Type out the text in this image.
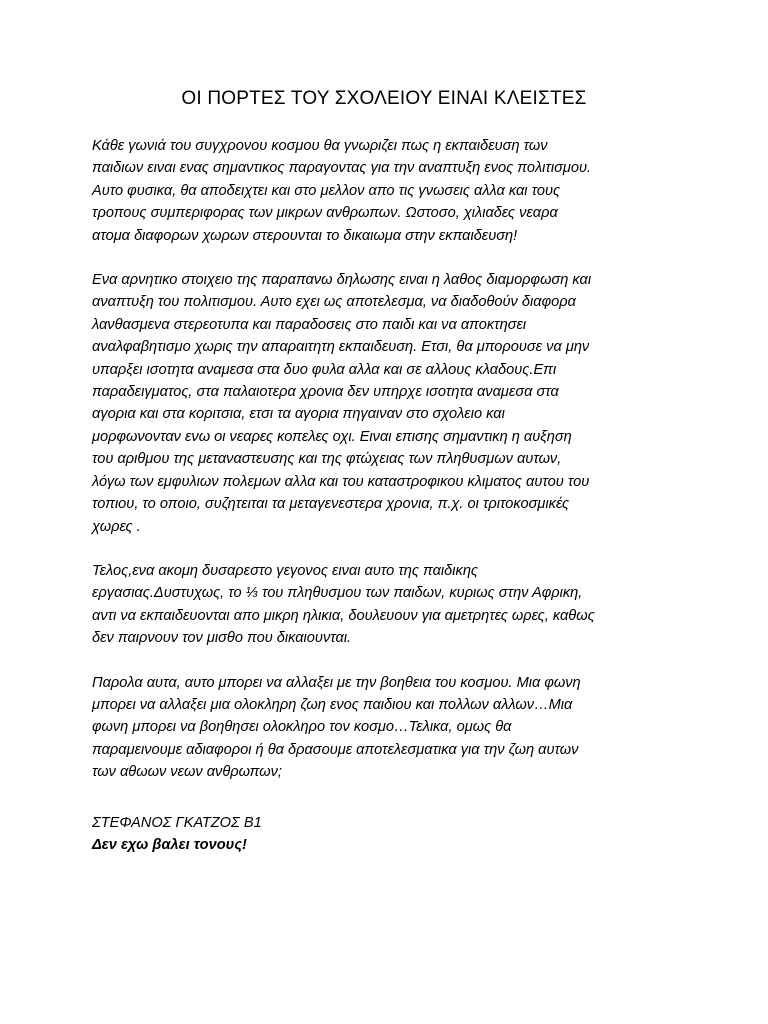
ΟΙ ΠΟΡΤΕΣ ΤΟΥ ΣΧΟΛΕΙΟΥ ΕΙΝΑΙ ΚΛΕΙΣΤΕΣ

Κάθε γωνιά του συγχρονου κοσμου θα γνωριζει πως η εκπαιδευση των
παιδιων ειναι ενας σημαντικος παραγοντας για την αναπτυξη ενος πολιτισμου.
Αυτο φυσικα, θα αποδειχτει και στο μελλον απο τις γνωσεις αλλα και τους
τροπους συμπεριφορας των μικρων ανθρωπων. Ωστοσο, χιλιαδες νεαρα
ατομα διαφορων χωρων στερουνται το δικαιωμα στην εκπαιδευση!

Ενα αρνητικο στοιχειο της παραπανω δηλωσης ειναι η λαθος διαμορφωση και
αναπτυξη του πολιτισμου. Αυτο εχει ως αποτελεσμα, να διαδοθούν διαφορα
λανθασμενα στερεοτυπα και παραδοσεις στο παιδι και να αποκτησει
αναλφαβητισμο χωρις την απαραιτητη εκπαιδευση. Ετσι, θα μπορουσε να μην
υπαρξει ισοτητα αναμεσα στα δυο φυλα αλλα και σε αλλους κλαδους.Επι
παραδειγματος, στα παλαιοτερα χρονια δεν υπηρχε ισοτητα αναμεσα στα
αγορια και στα κοριτσια, ετσι τα αγορια πηγαιναν στο σχολειο και
μορφωνονταν ενω οι νεαρες κοπελες οχι. Ειναι επισης σημαντικη η αυξηση
του αριθμου της μεταναστευσης και της φτώχειας των πληθυσμων αυτων,
λόγω των εμφυλιων πολεμων αλλα και του καταστροφικου κλιματος αυτου του
τοπιου, το οποιο, συζητειται τα μεταγενεστερα χρονια, π.χ. οι τριτοκοσμικές
χωρες .

Τελος,ενα ακομη δυσαρεστο γεγονος ειναι αυτο της παιδικης
εργασιας.Δυστυχως, το ⅓ του πληθυσμου των παιδων, κυριως στην Αφρικη,
αντι να εκπαιδευονται απο μικρη ηλικια, δουλευουν για αμετρητες ωρες, καθως
δεν παιρνουν τον μισθο που δικαιουνται.

Παρολα αυτα, αυτο μπορει να αλλαξει με την βοηθεια του κοσμου. Μια φωνη
μπορει να αλλαξει μια ολοκληρη ζωη ενος παιδιου και πολλων αλλων…Μια
φωνη μπορει να βοηθησει ολοκληρο τον κοσμο…Τελικα, ομως θα
παραμεινουμε αδιαφοροι ή θα δρασουμε αποτελεσματικα για την ζωη αυτων
των αθωων νεων ανθρωπων;

ΣΤΕΦΑΝΟΣ ΓΚΑΤΖΟΣ Β1
Δεν εχω βαλει τονους!
